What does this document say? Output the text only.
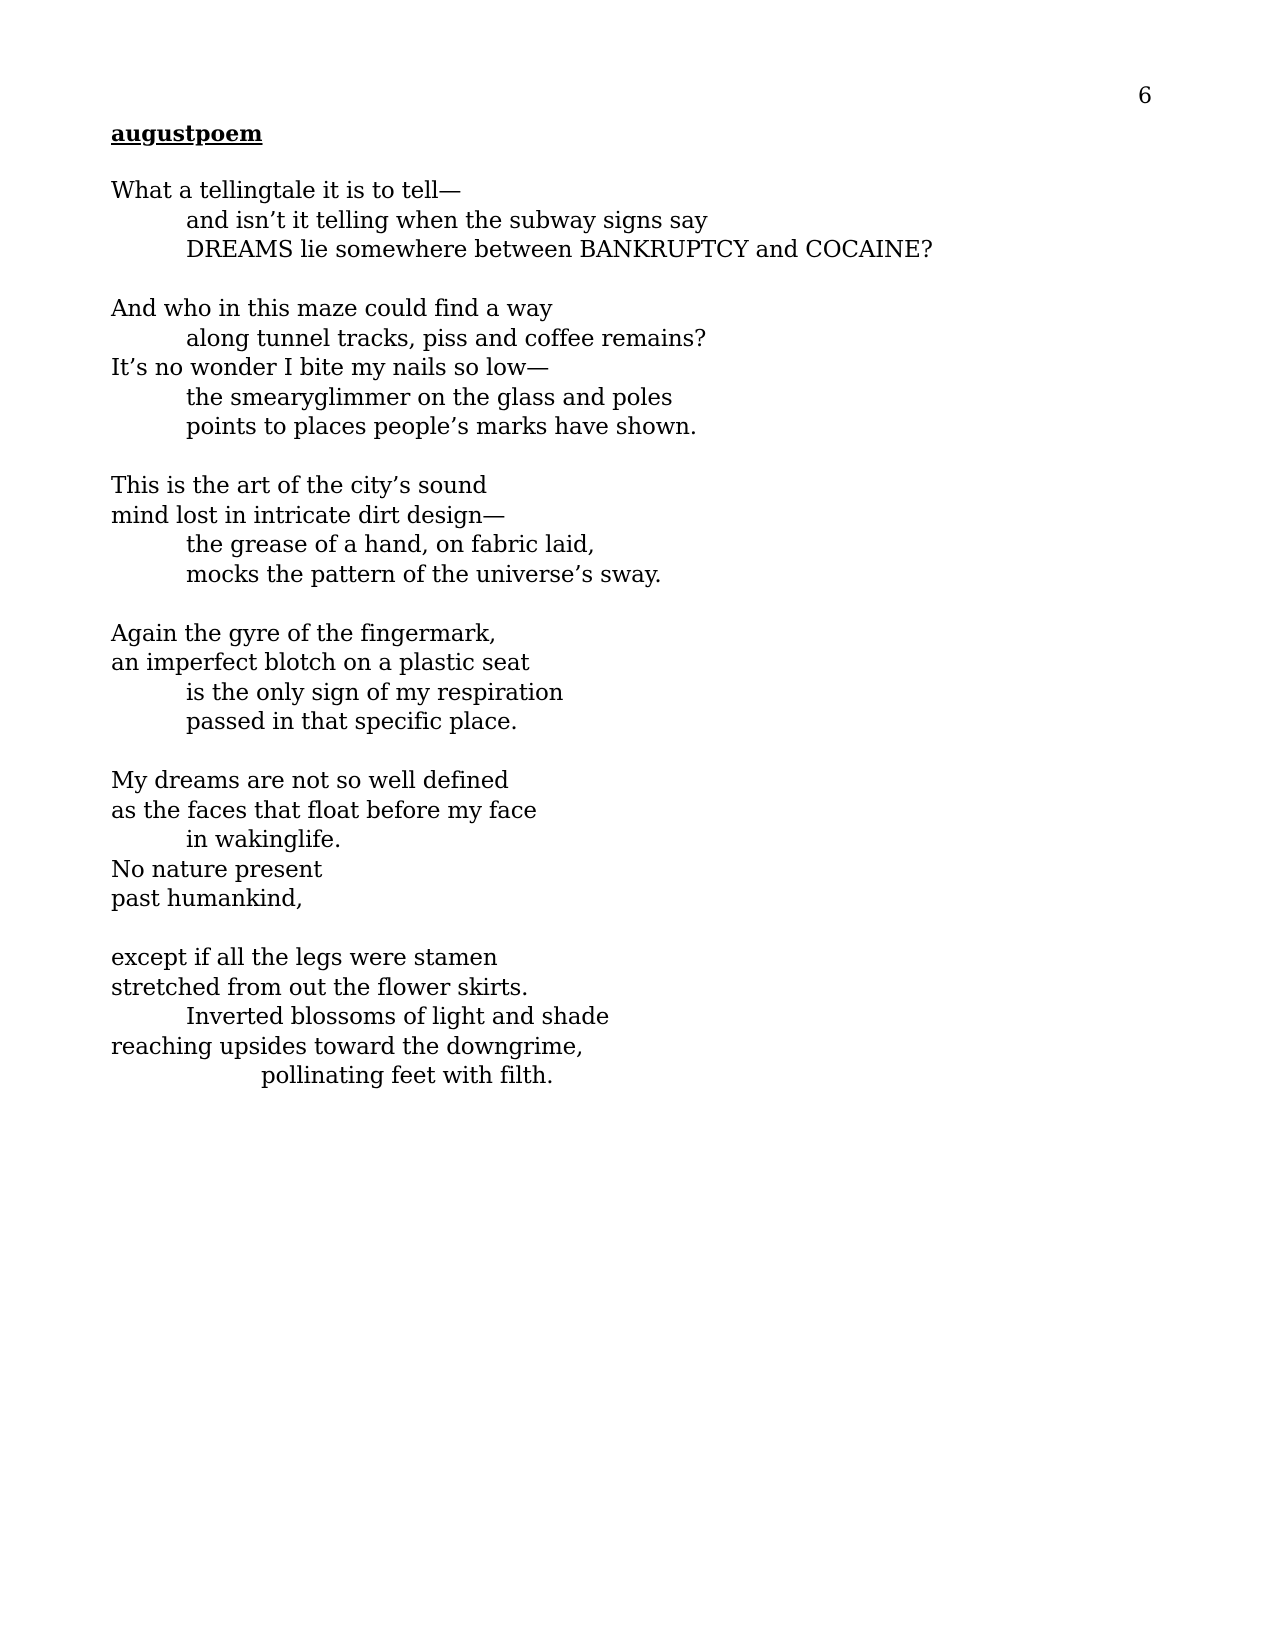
6
augustpoem
What a tellingtale it is to tell—
and isn’t it telling when the subway signs say
DREAMS lie somewhere between BANKRUPTCY and COCAINE?
And who in this maze could find a way
along tunnel tracks, piss and coffee remains?
It’s no wonder I bite my nails so low—
the smearyglimmer on the glass and poles
points to places people’s marks have shown.
This is the art of the city’s sound
mind lost in intricate dirt design—
the grease of a hand, on fabric laid,
mocks the pattern of the universe’s sway.
Again the gyre of the fingermark,
an imperfect blotch on a plastic seat
is the only sign of my respiration
passed in that specific place.
My dreams are not so well defined
as the faces that float before my face
in wakinglife.
No nature present
past humankind,
except if all the legs were stamen
stretched from out the flower skirts.
Inverted blossoms of light and shade
reaching upsides toward the downgrime,
pollinating feet with filth.
